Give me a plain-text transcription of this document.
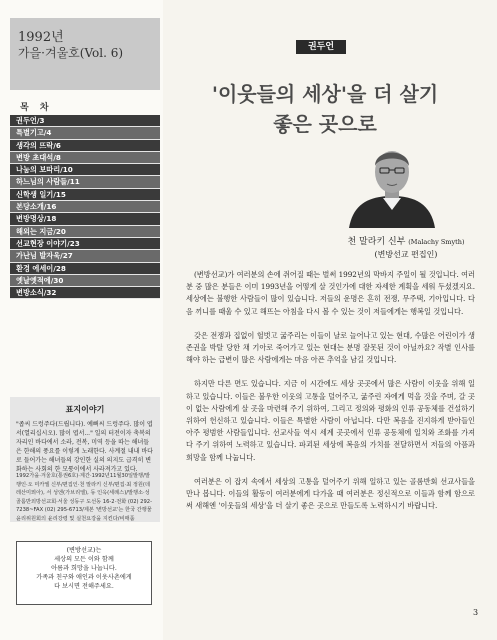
1992년
가을·겨울호(Vol. 6)
목 차
권두언/3
특별기고/4
생각의 뜨락/6
변방 초대석/8
나눔의 보따리/10
하느님의 사람들/11
신학생 일기/15
본당소개/16
변방명상/18
해외는 지금/20
선교현장 이야기/23
가난님 발자욱/27
환경 에세이/28
옛날옛적에/30
변방소식/32
표지이야기

"좁씨 드렁주다(드립니다). 예뻐씨 드렁주다. 많이 엽서(열리십시오). 많이 엽서..." 일의 터전이자 축복의 자리인 바다에서 소라, 전복, 미역 등을 따는 해녀들은 한해의 풍요를 이렇게 노래한다. 사계절 내내 바다로 들어가는 해녀들의 강인한 실의 의지도 급격히 변화하는 사회의 한 모퉁이에서 사라져가고 있다.

1992가을·겨울호(통권6호)·계간·1992년11월30일발행/발행인·오 미카엘 신부/편집인·천 말라키 신부/편집·최 정원(데레산미뫼아), 서 성엔(가브리엘), 동 인옥(세례스)/발행소·성 골롬반외방선교회·서울 성동구 도선동 16-2·전화 (02) 292-7238~FAX (02) 295-6713/제본 '변방선교'는 한국 간행물 윤리위원회의 윤리강령 및 실천요강을 지킨다/비매품

(변방선교)는

세상의 모든 이와 함께

아름과 희망을 나눕니다.

가족과 친구와 애인과 이웃사촌에게

다 보시면 전해주세요.

권두언
'이웃들의 세상'을 더 살기
좋은 곳으로
천 말라키 신부 (Malachy Smyth)
(변방선교 편집인)

(변방선교)가 여러분의 손에 쥐어질 때는 벌써 1992년의 막바지 주일이 될 것입니다. 여러분 중 많은 분들은 이미 1993년을 어떻게 살 것인가에 대한 자세한 계획을 세워 두셨겠지요. 세상에는 불행한 사람들이 많이 있습니다. 저들의 운명은 흔히 전쟁, 무주택, 기아입니다. 다음 끼니를 때울 수 있고 해뜨는 아침을 다시 볼 수 있는 것이 저들에게는 행복일 것입니다.

갖은 전쟁과 집없이 헐벗고 굶주리는 이들이 날로 늘어나고 있는 현대, 수많은 어린이가 생존권을 박탈 당한 채 기아로 죽어가고 있는 현대는 분명 잘못된 것이 아닐까요? 작별 인사를 해야 하는 급변이 많은 사람에게는 마음 아픈 추억을 남길 것입니다.

하지만 다른 면도 있습니다. 지금 이 시간에도 세상 곳곳에서 많은 사람이 이웃을 위해 일하고 있습니다. 이들은 불우한 이웃의 고통을 덜어주고, 굶주린 자에게 먹을 것을 주며, 갈 곳이 없는 사람에게 살 곳을 마련해 주기 위하여, 그리고 정의와 평화의 인류 공동체를 건설하기 위하여 헌신하고 있습니다. 이들은 특별한 사람이 아닙니다. 다만 복음을 진지하게 받아들인 아주 평범한 사람들입니다. 선교사들 역시 세계 곳곳에서 인류 공동체에 일치와 조화를 가져다 주기 위하여 노력하고 있습니다. 파괴된 세상에 복음의 가치를 전달하면서 저들의 아픔과 희망을 함께 나눕니다.

여러분은 이 잡지 속에서 세상의 고통을 덜어주기 위해 일하고 있는 골롬반회 선교사들을 만나 봅니다. 이들의 활동이 여러분에게 다가올 때 여러분은 정신적으로 이들과 함께 함으로써 새해엔 '이웃들의 세상'을 더 살기 좋은 곳으로 만들도록 노력하시기 바랍니다.

3
